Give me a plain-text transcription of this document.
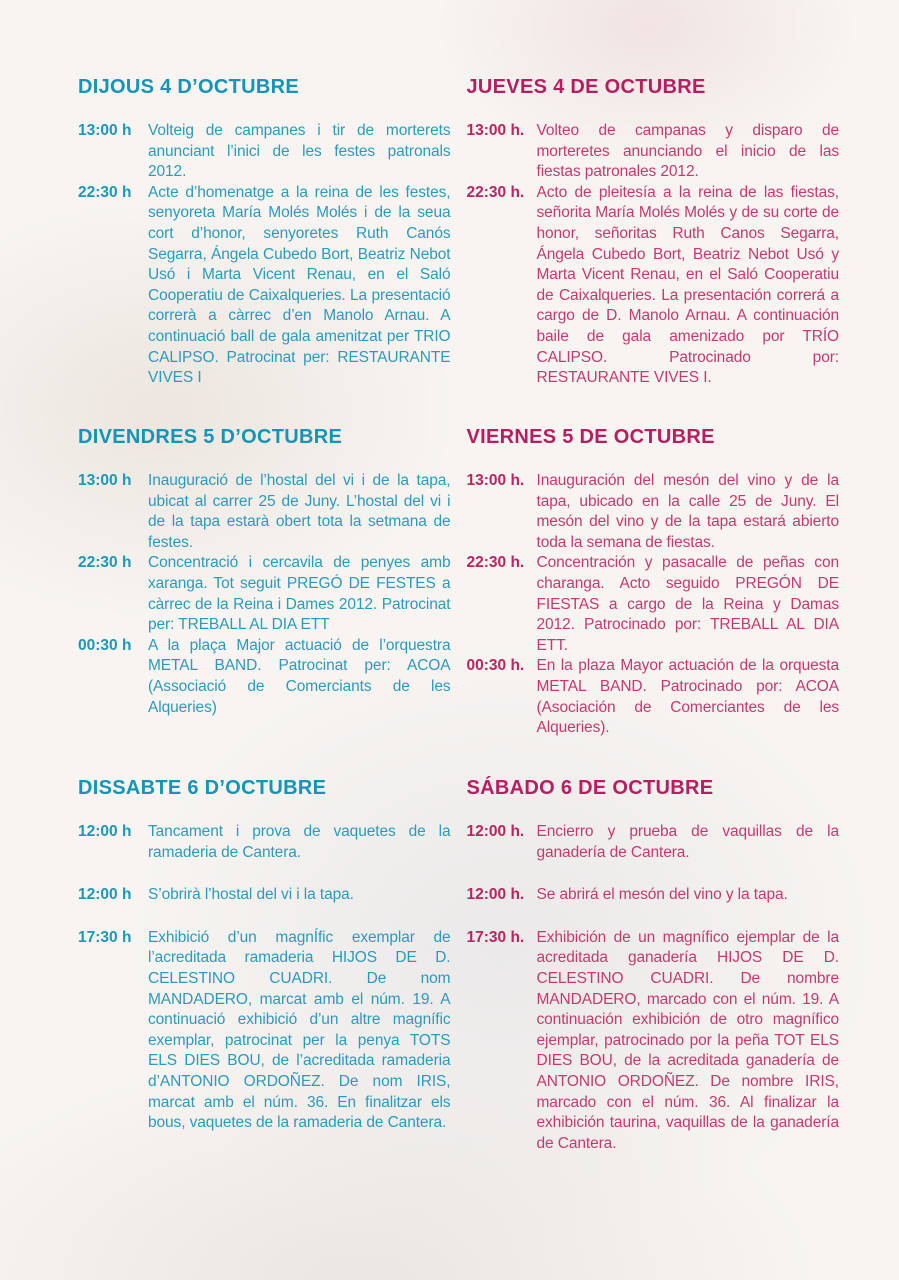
DIJOUS 4 D’OCTUBRE
13:00 h	Volteig de campanes i tir de morterets anunciant l’inici de les festes patronals 2012.
22:30 h	Acte d’homenatge a la reina de les festes, senyoreta María Molés Molés i de la seua cort d’honor, senyoretes Ruth Canós Segarra, Ángela Cubedo Bort, Beatriz Nebot Usó i Marta Vicent Renau, en el Saló Cooperatiu de Caixalqueries. La presentació correrà a càrrec d’en Manolo Arnau. A continuació ball de gala amenitzat per TRIO CALIPSO. Patrocinat per: RESTAURANTE VIVES I
DIVENDRES 5 D’OCTUBRE
13:00 h	Inauguració de l’hostal del vi i de la tapa, ubicat al carrer 25 de Juny. L’hostal del vi i de la tapa estarà obert tota la setmana de festes.
22:30 h	Concentració i cercavila de penyes amb xaranga. Tot seguit PREGÓ DE FESTES a càrrec de la Reina i Dames 2012. Patrocinat per: TREBALL AL DIA ETT
00:30 h	A la plaça Major actuació de l’orquestra METAL BAND. Patrocinat per: ACOA (Associació de Comerciants de les Alqueries)
DISSABTE 6 D’OCTUBRE
12:00 h	Tancament i prova de vaquetes de la ramaderia de Cantera.
12:00 h	S’obrirà l’hostal del vi i la tapa.
17:30 h	Exhibició d’un magnÍfic exemplar de l’acreditada ramaderia HIJOS DE D. CELESTINO CUADRI. De nom MANDADERO, marcat amb el núm. 19. A continuació exhibició d’un altre magnífic exemplar, patrocinat per la penya TOTS ELS DIES BOU, de l’acreditada ramaderia d’ANTONIO ORDOÑEZ. De nom IRIS, marcat amb el núm. 36. En finalitzar els bous, vaquetes de la ramaderia de Cantera.
JUEVES 4 DE OCTUBRE
13:00 h. Volteo de campanas y disparo de morteretes anunciando el inicio de las fiestas patronales 2012.
22:30 h. Acto de pleitesía a la reina de las fiestas, señorita María Molés Molés y de su corte de honor, señoritas Ruth Canos Segarra, Ángela Cubedo Bort, Beatriz Nebot Usó y Marta Vicent Renau, en el Saló Cooperatiu de Caixalqueries. La presentación correrá a cargo de D. Manolo Arnau. A continuación baile de gala amenizado por TRÍO CALIPSO. Patrocinado por: RESTAURANTE VIVES I.
VIERNES 5 DE OCTUBRE
13:00 h. Inauguración del mesón del vino y de la tapa, ubicado en la calle 25 de Juny. El mesón del vino y de la tapa estará abierto toda la semana de fiestas.
22:30 h. Concentración y pasacalle de peñas con charanga. Acto seguido PREGÓN DE FIESTAS a cargo de la Reina y Damas 2012. Patrocinado por: TREBALL AL DIA ETT.
00:30 h. En la plaza Mayor actuación de la orquesta METAL BAND. Patrocinado por: ACOA (Asociación de Comerciantes de les Alqueries).
SÁBADO 6 DE OCTUBRE
12:00 h. Encierro y prueba de vaquillas de la ganadería de Cantera.
12:00 h. Se abrirá el mesón del vino y la tapa.
17:30 h. Exhibición de un magnífico ejemplar de la acreditada ganadería HIJOS DE D. CELESTINO CUADRI. De nombre MANDADERO, marcado con el núm. 19. A continuación exhibición de otro magnífico ejemplar, patrocinado por la peña TOT ELS DIES BOU, de la acreditada ganadería de ANTONIO ORDOÑEZ. De nombre IRIS, marcado con el núm. 36. Al finalizar la exhibición taurina, vaquillas de la ganadería de Cantera.
